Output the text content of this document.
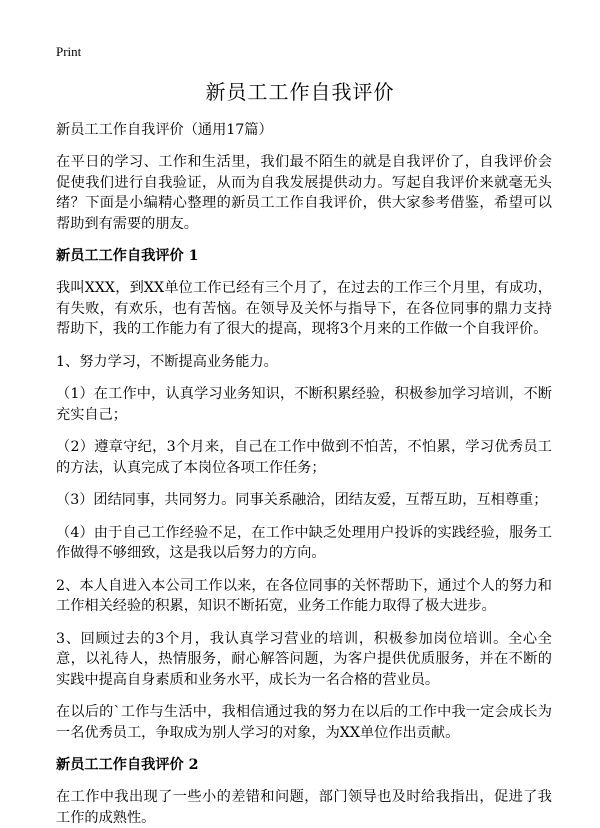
Print
新员工工作自我评价

新员工工作自我评价（通用17篇）

在平日的学习、工作和生活里，我们最不陌生的就是自我评价了，自我评价会促使我们进行自我验证，从而为自我发展提供动力。写起自我评价来就毫无头绪？下面是小编精心整理的新员工工作自我评价，供大家参考借鉴，希望可以帮助到有需要的朋友。

新员工工作自我评价 1

我叫XXX，到XX单位工作已经有三个月了，在过去的工作三个月里，有成功，有失败，有欢乐，也有苦恼。在领导及关怀与指导下，在各位同事的鼎力支持帮助下，我的工作能力有了很大的提高，现将3个月来的工作做一个自我评价。

1、努力学习，不断提高业务能力。

（1）在工作中，认真学习业务知识，不断积累经验，积极参加学习培训，不断充实自己；

（2）遵章守纪，3个月来，自己在工作中做到不怕苦，不怕累，学习优秀员工的方法，认真完成了本岗位各项工作任务；

（3）团结同事，共同努力。同事关系融洽，团结友爱，互帮互助，互相尊重；

（4）由于自己工作经验不足，在工作中缺乏处理用户投诉的实践经验，服务工作做得不够细致，这是我以后努力的方向。

2、本人自进入本公司工作以来，在各位同事的关怀帮助下，通过个人的努力和工作相关经验的积累，知识不断拓宽，业务工作能力取得了极大进步。

3、回顾过去的3个月，我认真学习营业的培训，积极参加岗位培训。全心全意，以礼待人，热情服务，耐心解答问题，为客户提供优质服务，并在不断的实践中提高自身素质和业务水平，成长为一名合格的营业员。

在以后的`工作与生活中，我相信通过我的努力在以后的工作中我一定会成长为一名优秀员工，争取成为别人学习的对象，为XX单位作出贡献。

新员工工作自我评价 2

在工作中我出现了一些小的差错和问题，部门领导也及时给我指出，促进了我工作的成熟性。
